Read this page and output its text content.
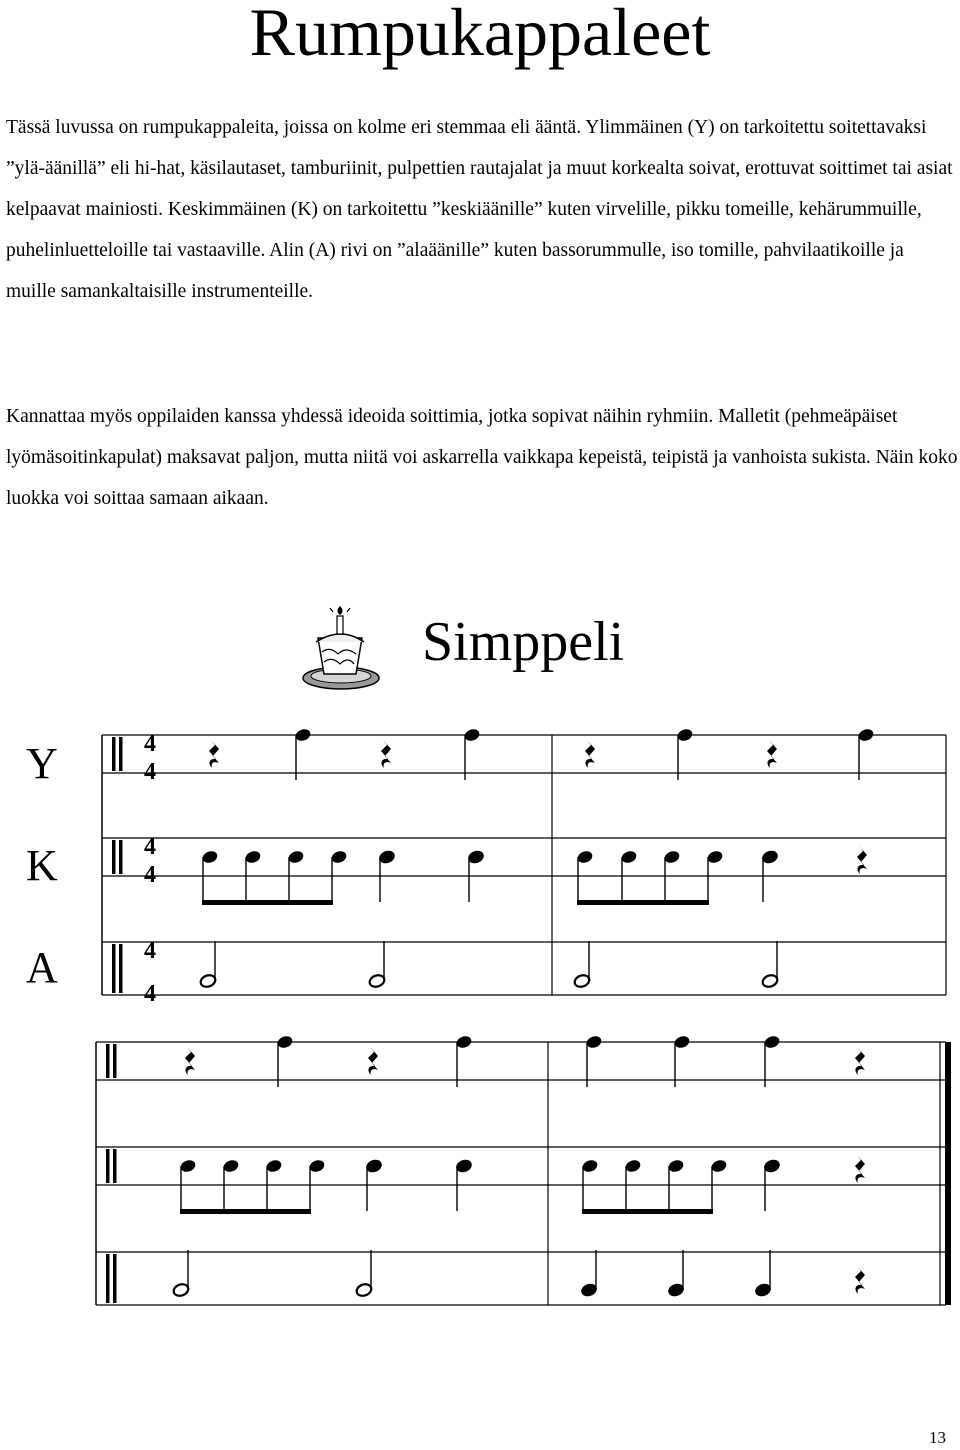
Rumpukappaleet

Tässä luvussa on rumpukappaleita, joissa on kolme eri stemmaa eli ääntä. Ylimmäinen (Y) on tarkoitettu soitettavaksi ”ylä-äänillä” eli hi-hat, käsilautaset, tamburiinit, pulpettien rautajalat ja muut korkealta soivat, erottuvat soittimet tai asiat kelpaavat mainiosti. Keskimmäinen (K) on tarkoitettu ”keskiäänille” kuten virvelille, pikku tomeille, kehärummuille, puhelinluetteloille tai vastaaville. Alin (A) rivi on ”alaäänille” kuten bassorummulle, iso tomille, pahvilaatikoille ja muille samankaltaisille instrumenteille.

Kannattaa myös oppilaiden kanssa yhdessä ideoida soittimia, jotka sopivat näihin ryhmiin. Malletit (pehmeäpäiset lyömäsoitinkapulat) maksavat paljon, mutta niitä voi askarrella vaikkapa kepeistä, teipistä ja vanhoista sukista. Näin koko luokka voi soittaa samaan aikaan.

Simppeli
Y
K
A
4
4
4
4
4
4
13
